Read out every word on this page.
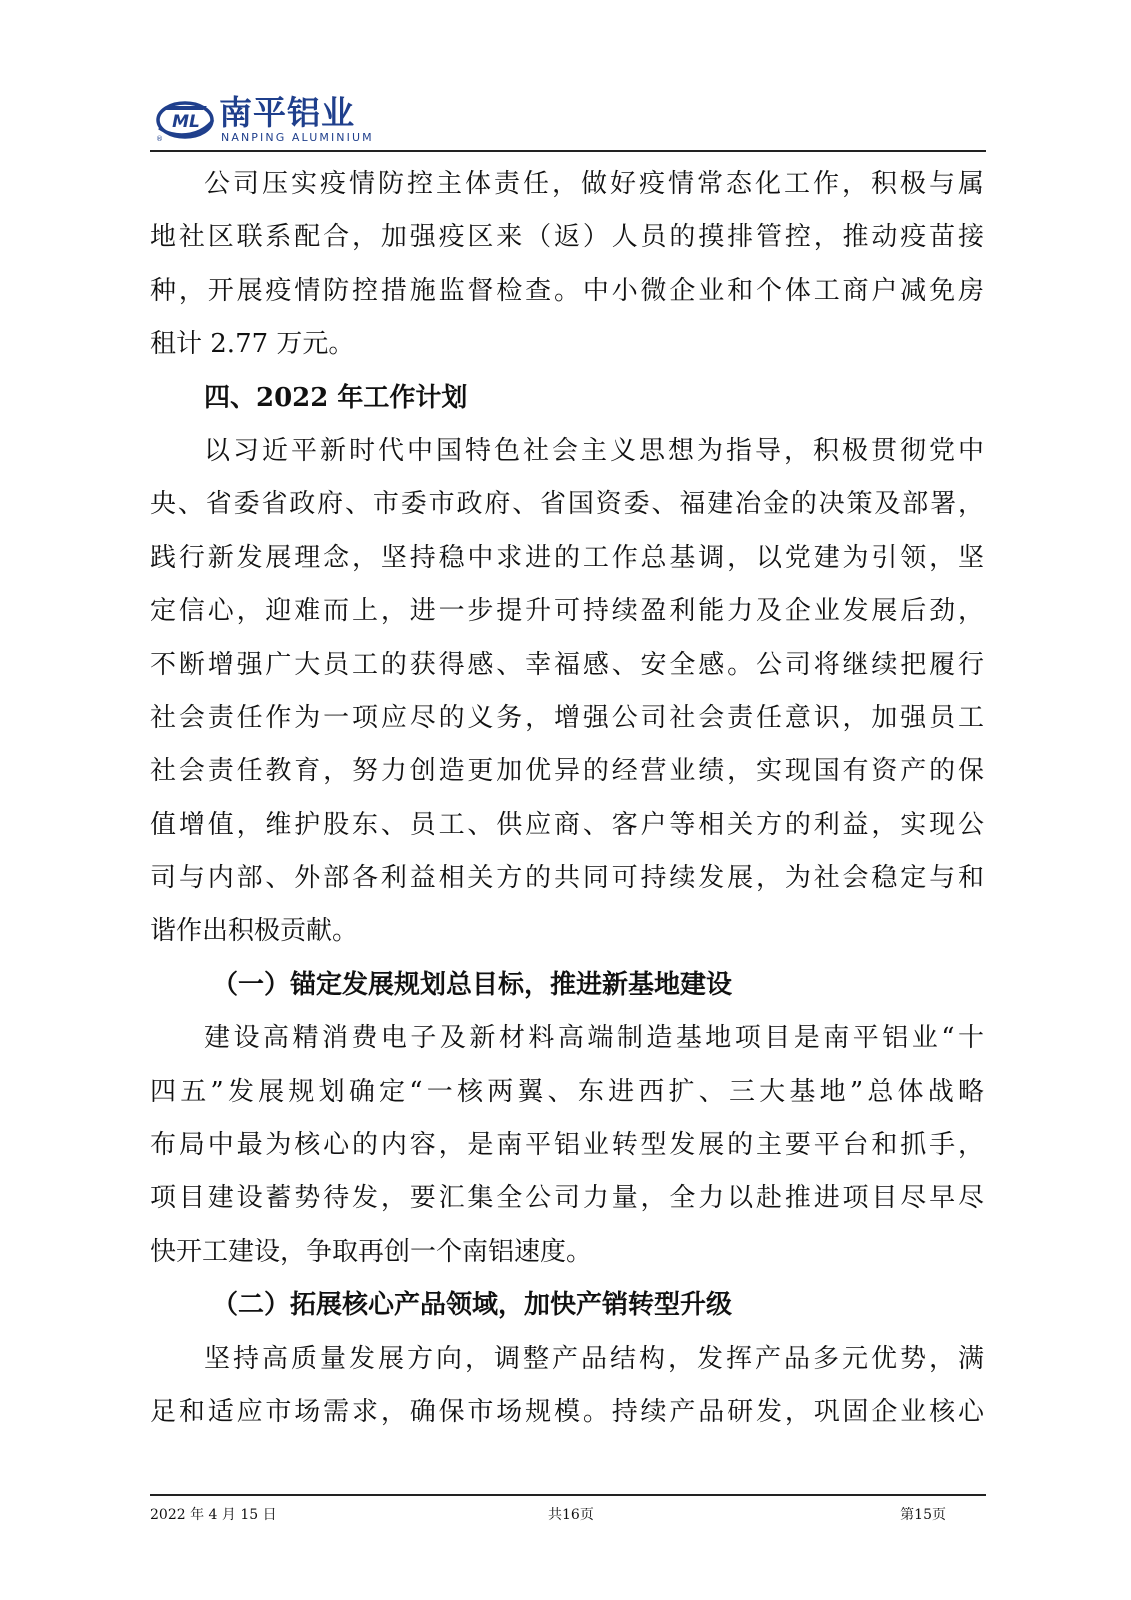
ML
®
南平铝业
NANPING ALUMINIUM
公司压实疫情防控主体责任，做好疫情常态化工作，积极与属
地社区联系配合，加强疫区来（返）人员的摸排管控，推动疫苗接
种，开展疫情防控措施监督检查。中小微企业和个体工商户减免房
租计 2.77 万元。
四、2022 年工作计划
以习近平新时代中国特色社会主义思想为指导，积极贯彻党中
央、省委省政府、市委市政府、省国资委、福建冶金的决策及部署，
践行新发展理念，坚持稳中求进的工作总基调，以党建为引领，坚
定信心，迎难而上，进一步提升可持续盈利能力及企业发展后劲，
不断增强广大员工的获得感、幸福感、安全感。公司将继续把履行
社会责任作为一项应尽的义务，增强公司社会责任意识，加强员工
社会责任教育，努力创造更加优异的经营业绩，实现国有资产的保
值增值，维护股东、员工、供应商、客户等相关方的利益，实现公
司与内部、外部各利益相关方的共同可持续发展，为社会稳定与和
谐作出积极贡献。
（一）锚定发展规划总目标，推进新基地建设
建设高精消费电子及新材料高端制造基地项目是南平铝业“十
四五”发展规划确定“一核两翼、东进西扩、三大基地”总体战略
布局中最为核心的内容，是南平铝业转型发展的主要平台和抓手，
项目建设蓄势待发，要汇集全公司力量，全力以赴推进项目尽早尽
快开工建设，争取再创一个南铝速度。
（二）拓展核心产品领域，加快产销转型升级
坚持高质量发展方向，调整产品结构，发挥产品多元优势，满
足和适应市场需求，确保市场规模。持续产品研发，巩固企业核心
2022 年 4 月 15 日	共16页	第15页
